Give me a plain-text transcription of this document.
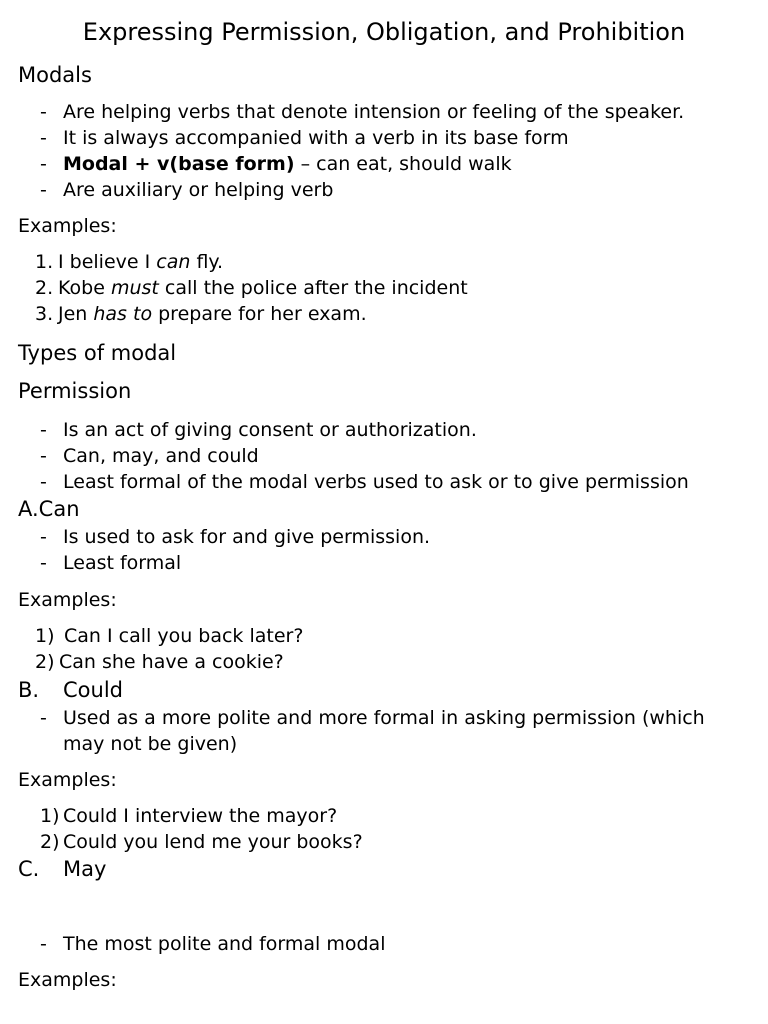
Expressing Permission, Obligation, and Prohibition
Modals
- Are helping verbs that denote intension or feeling of the speaker.
- It is always accompanied with a verb in its base form
- Modal + v(base form) – can eat, should walk
- Are auxiliary or helping verb
Examples:
1. I believe I can fly.
2. Kobe must call the police after the incident
3. Jen has to prepare for her exam.
Types of modal
Permission
- Is an act of giving consent or authorization.
- Can, may, and could
- Least formal of the modal verbs used to ask or to give permission
A.Can
- Is used to ask for and give permission.
- Least formal
Examples:
1) Can I call you back later?
2) Can she have a cookie?
B. Could
- Used as a more polite and more formal in asking permission (which
may not be given)
Examples:
1) Could I interview the mayor?
2) Could you lend me your books?
C. May
- The most polite and formal modal
Examples:
